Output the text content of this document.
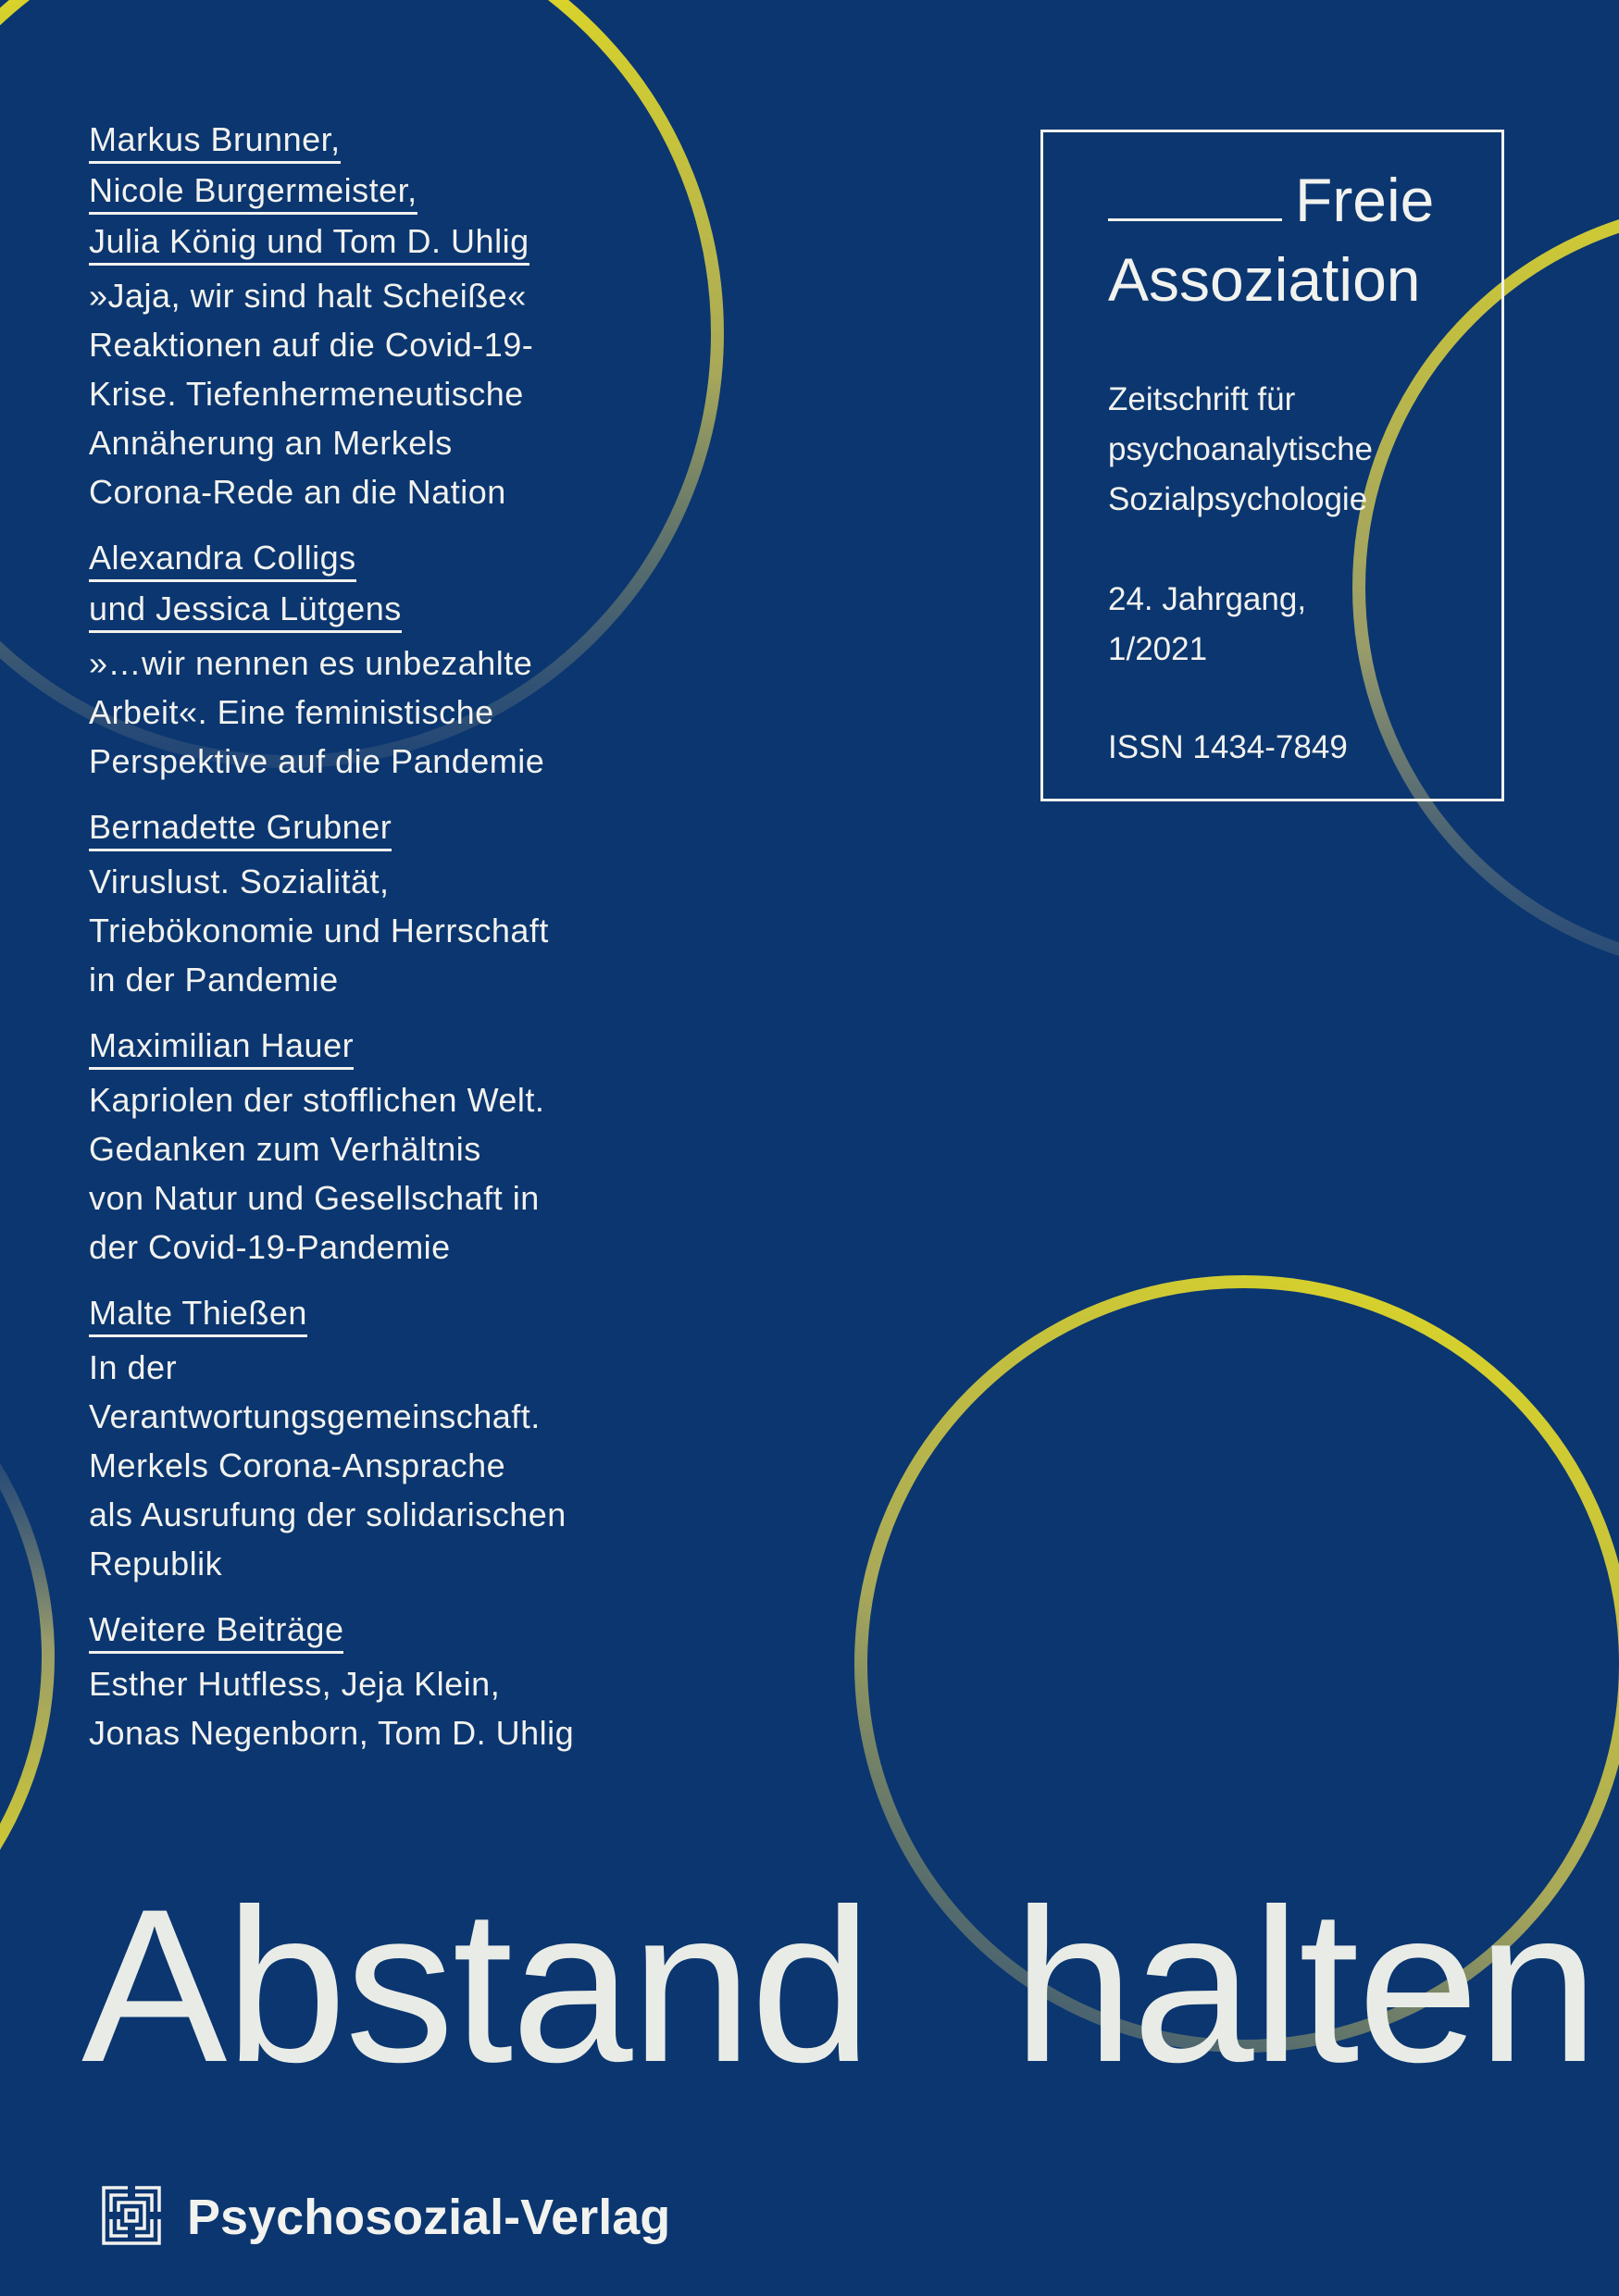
Markus Brunner,
Nicole Burgermeister,
Julia König und Tom D. Uhlig
»Jaja, wir sind halt Scheiße«
Reaktionen auf die Covid-19-
Krise. Tiefenhermeneutische
Annäherung an Merkels
Corona-Rede an die Nation
Alexandra Colligs
und Jessica Lütgens
»…wir nennen es unbezahlte
Arbeit«. Eine feministische
Perspektive auf die Pandemie
Bernadette Grubner
Viruslust. Sozialität,
Triebökonomie und Herrschaft
in der Pandemie
Maximilian Hauer
Kapriolen der stofflichen Welt.
Gedanken zum Verhältnis
von Natur und Gesellschaft in
der Covid-19-Pandemie
Malte Thießen
In der
Verantwortungsgemeinschaft.
Merkels Corona-Ansprache
als Ausrufung der solidarischen
Republik
Weitere Beiträge
Esther Hutfless, Jeja Klein,
Jonas Negenborn, Tom D. Uhlig
Freie
Assoziation
Zeitschrift für
psychoanalytische
Sozialpsychologie
24. Jahrgang,
1/2021
ISSN 1434-7849
Abstand halten
Psychosozial-Verlag
